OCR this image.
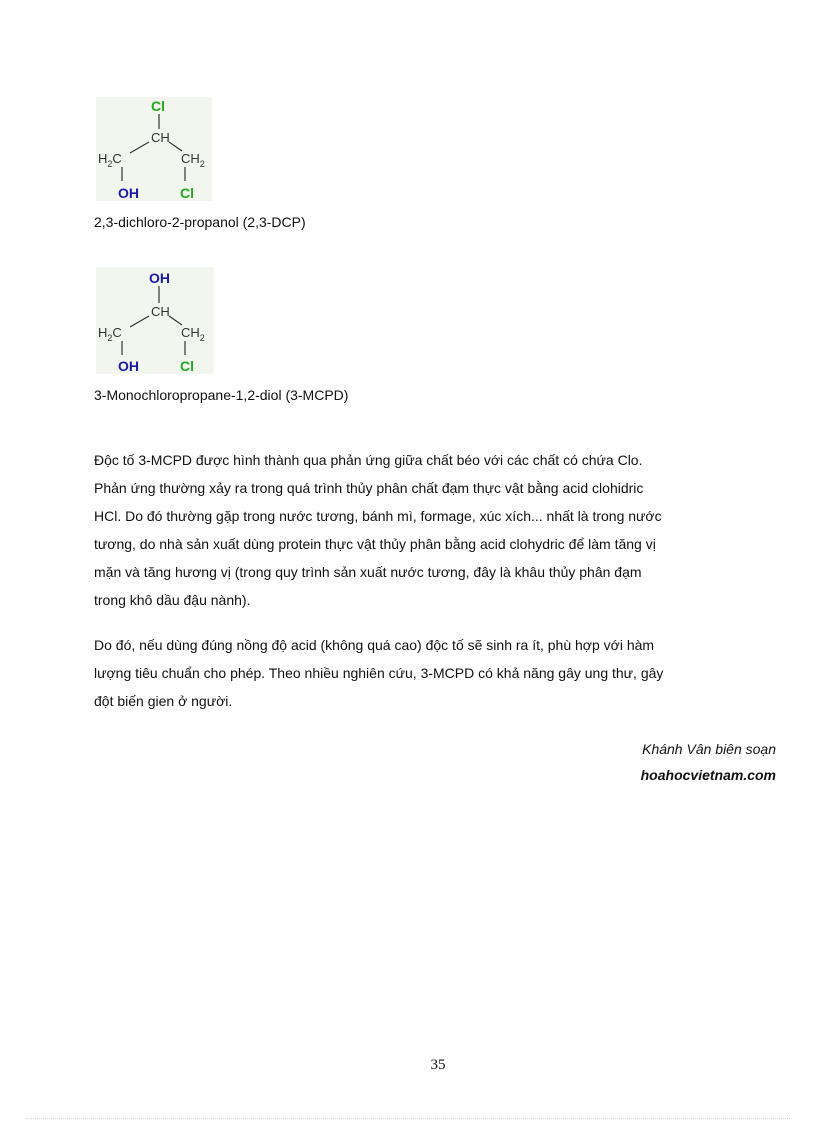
Cl
CH
$H_2C$	$CH_2$
OH	Cl
2,3-dichloro-2-propanol (2,3-DCP)
OH
CH
$H_2C$	$CH_2$
OH	Cl
3-Monochloropropane-1,2-diol (3-MCPD)

Độc tố 3-MCPD được hình thành qua phản ứng giữa chất béo với các chất có chứa Clo.
Phản ứng thường xảy ra trong quá trình thủy phân chất đạm thực vật bằng acid clohidric
HCl. Do đó thường gặp trong nước tương, bánh mì, formage, xúc xích... nhất là trong nước
tương, do nhà sản xuất dùng protein thực vật thủy phân bằng acid clohydric để làm tăng vị
mặn và tăng hương vị (trong quy trình sản xuất nước tương, đây là khâu thủy phân đạm
trong khô dầu đậu nành).

Do đó, nếu dùng đúng nồng độ acid (không quá cao) độc tố sẽ sinh ra ít, phù hợp với hàm
lượng tiêu chuẩn cho phép. Theo nhiều nghiên cứu, 3-MCPD có khả năng gây ung thư, gây
đột biến gien ở người.

Khánh Vân biên soạn
hoahocvietnam.com
35
